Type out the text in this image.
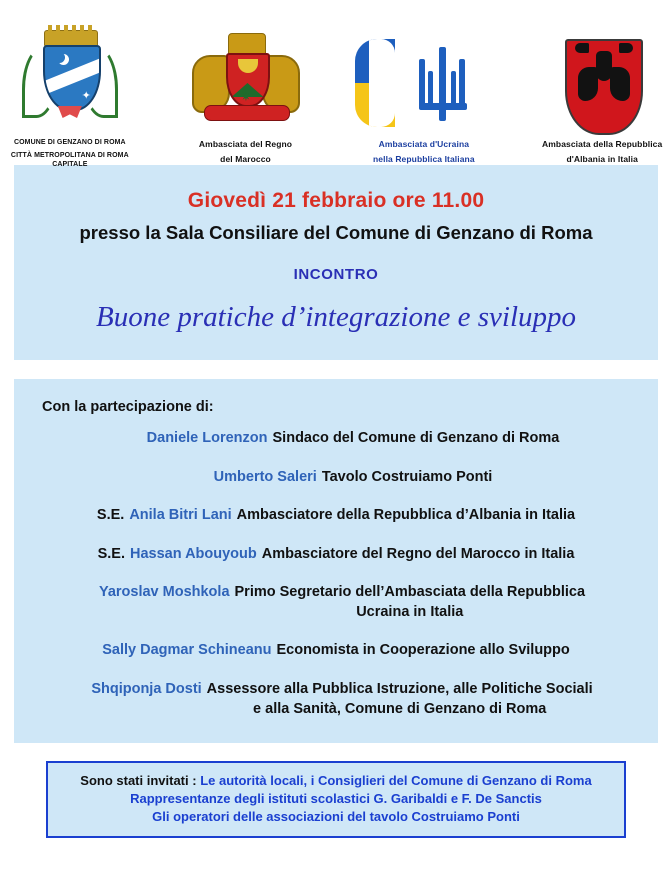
✦
COMUNE DI GENZANO DI ROMA
CITTÀ METROPOLITANA DI ROMA CAPITALE
✷
Ambasciata del Regno
del Marocco
Ambasciata d'Ucraina
nella Repubblica Italiana
Ambasciata della Repubblica
d'Albania in Italia
Giovedì 21 febbraio ore 11.00
presso la Sala Consiliare del Comune di Genzano di Roma
INCONTRO
Buone pratiche d’integrazione e sviluppo
Con la partecipazione di:
Daniele Lorenzon Sindaco del Comune di Genzano di Roma
Umberto Saleri Tavolo Costruiamo Ponti
S.E. Anila Bitri Lani Ambasciatore della Repubblica d’Albania in Italia
S.E. Hassan Abouyoub Ambasciatore del Regno del Marocco in Italia
Yaroslav Moshkola Primo Segretario dell’Ambasciata della Repubblica
Ucraina in Italia
Sally Dagmar Schineanu Economista in Cooperazione allo Sviluppo
Shqiponja Dosti Assessore alla Pubblica Istruzione, alle Politiche Sociali
e alla Sanità, Comune di Genzano di Roma
Sono stati invitati : Le autorità locali, i Consiglieri del Comune di Genzano di Roma
Rappresentanze degli istituti scolastici G. Garibaldi e F. De Sanctis
Gli operatori delle associazioni del tavolo Costruiamo Ponti
